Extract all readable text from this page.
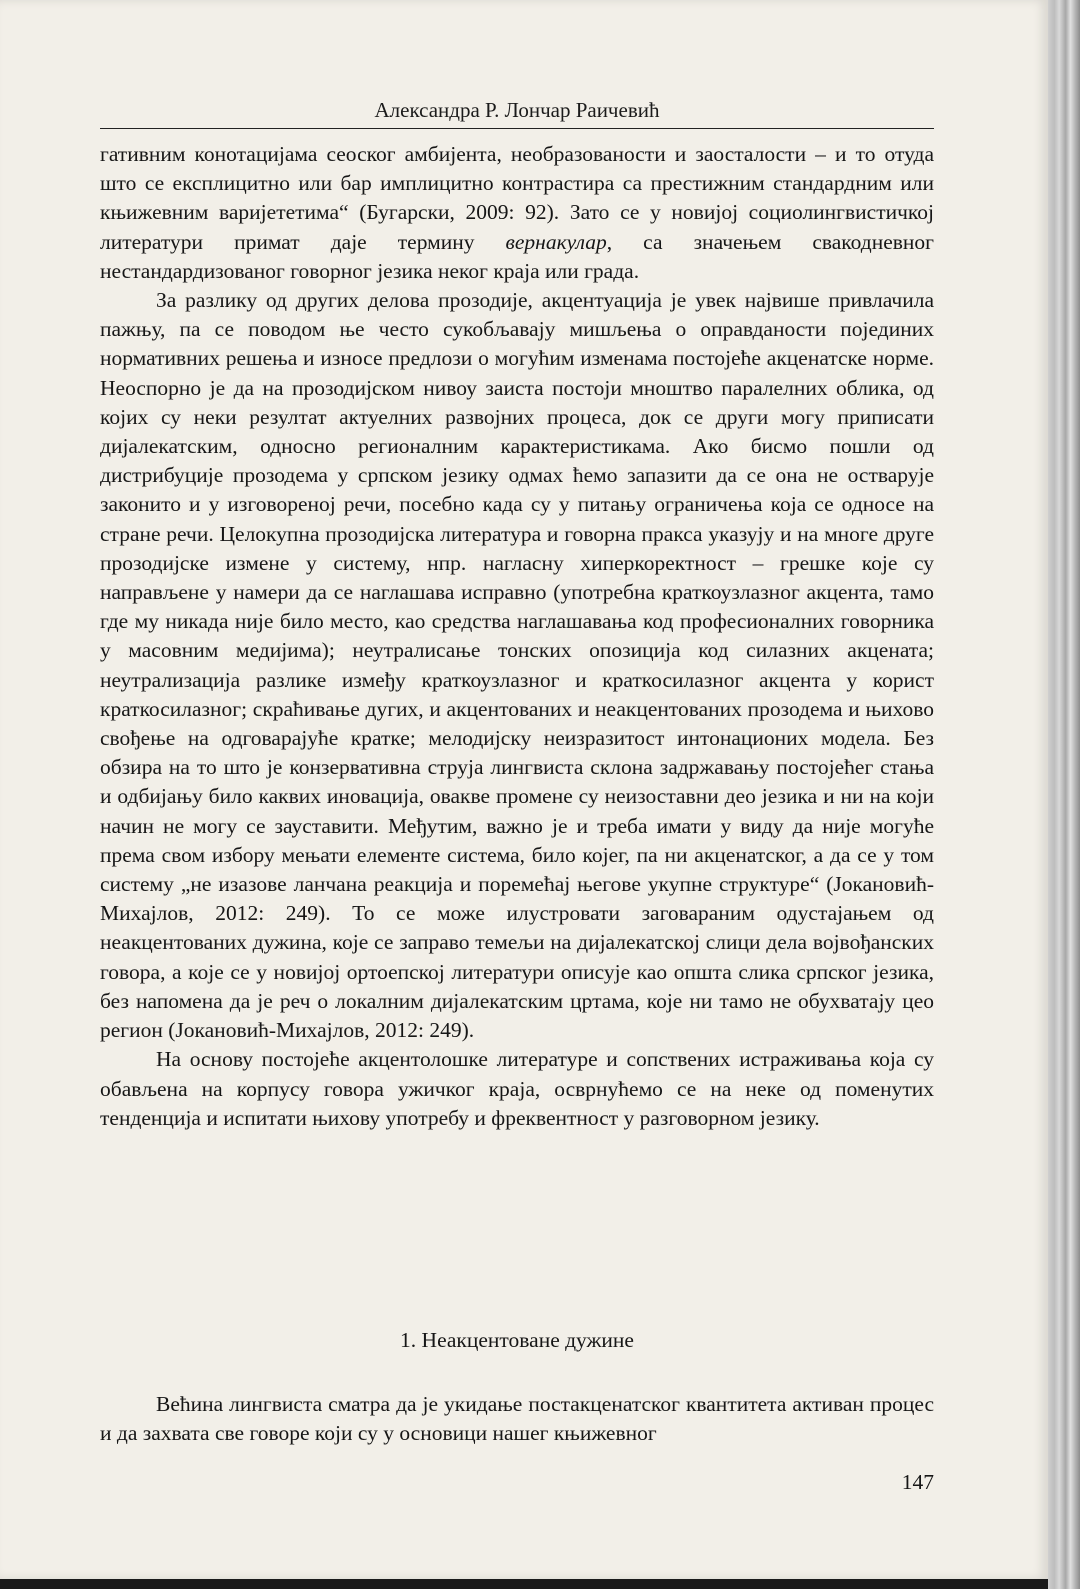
Александра Р. Лончар Раичевић

гативним конотацијама сеоског амбијента, необразованости и заосталости – и то отуда што се експлицитно или бар имплицитно контрастира са престижним стандардним или књижевним варијететима“ (Бугарски, 2009: 92). Зато се у новијој социолингвистичкој литератури примат даје термину вернакулар, са значењем свакодневног нестандардизованог говорног језика неког краја или града.

За разлику од других делова прозодије, акцентуација је увек највише привлачила пажњу, па се поводом ње често сукобљавају мишљења о оправданости појединих нормативних решења и износе предлози о могућим изменама постојеће акценатске норме. Неоспорно је да на прозодијском нивоу заиста постоји мноштво паралелних облика, од којих су неки резултат актуелних развојних процеса, док се други могу приписати дијалекатским, односно регионалним карактеристикама. Ако бисмо пошли од дистрибуције прозодема у српском језику одмах ћемо запазити да се она не остварује законито и у изговореној речи, посебно када су у питању ограничења која се односе на стране речи. Целокупна прозодијска литература и говорна пракса указују и на многе друге прозодијске измене у систему, нпр. нагласну хиперкоректност – грешке које су направљене у намери да се наглашава исправно (употребна краткоузлазног акцента, тамо где му никада није било место, као средства наглашавања код професионалних говорника у масовним медијима); неутралисање тонских опозиција код силазних акцената; неутрализација разлике између краткоузлазног и краткосилазног акцента у корист краткосилазног; скраћивање дугих, и акцентованих и неакцентованих прозодема и њихово свођење на одговарајуће кратке; мелодијску неизразитост интонационих модела. Без обзира на то што је конзервативна струја лингвиста склона задржавању постојећег стања и одбијању било каквих иновација, овакве промене су неизоставни део језика и ни на који начин не могу се зауставити. Међутим, важно је и треба имати у виду да није могуће према свом избору мењати елементе система, било којег, па ни акценатског, а да се у том систему „не изазове ланчана реакција и поремећај његове укупне структуре“ (Јокановић-Михајлов, 2012: 249). То се може илустровати заговараним одустајањем од неакцентованих дужина, које се заправо темељи на дијалекатској слици дела војвођанских говора, а које се у новијој ортоепској литератури описује као општа слика српског језика, без напомена да је реч о локалним дијалекатским цртама, које ни тамо не обухватају цео регион (Јокановић-Михајлов, 2012: 249).

На основу постојеће акцентолошке литературе и сопствених истраживања која су обављена на корпусу говора ужичког краја, осврнућемо се на неке од поменутих тенденција и испитати њихову употребу и фреквентност у разговорном језику.

1. Неакцентоване дужине

Већина лингвиста сматра да је укидање постакценатског квантитета активан процес и да захвата све говоре који су у основици нашег књижевног

147
